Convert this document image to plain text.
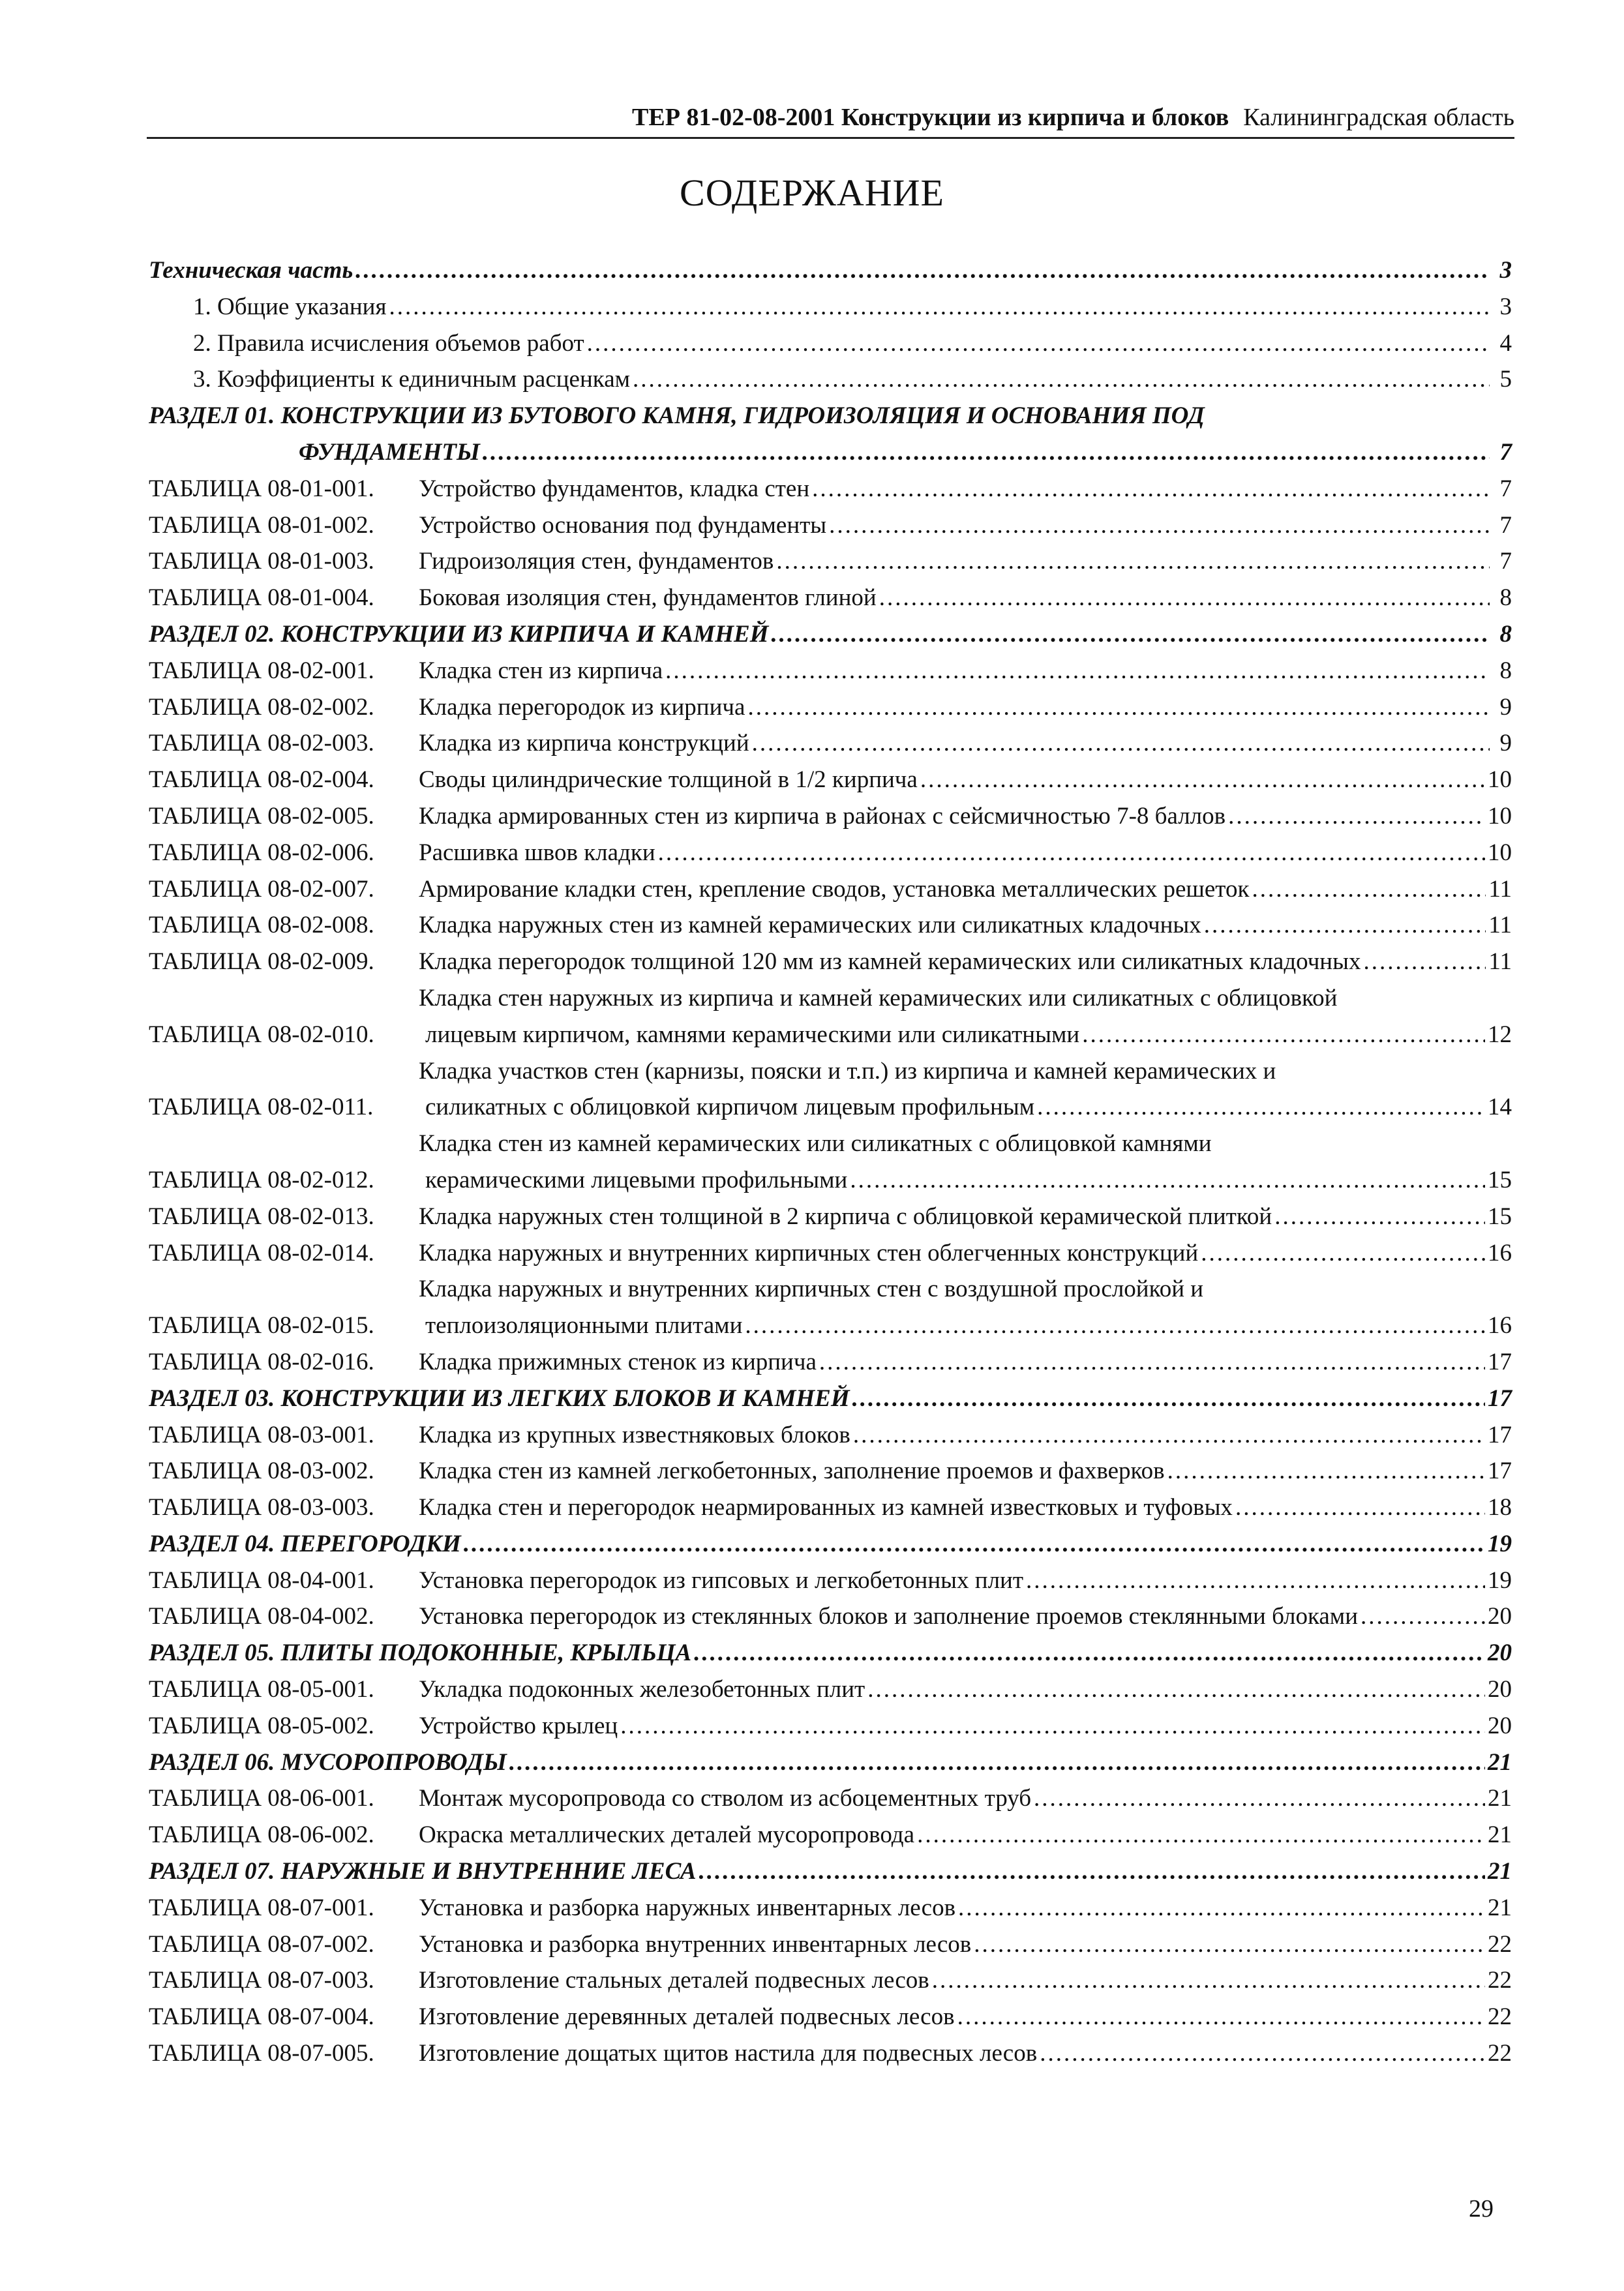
ТЕР 81-02-08-2001 Конструкции из кирпича и блоков Калининградская область
СОДЕРЖАНИЕ
Техническая часть .....	3
1. Общие указания .....	3
2. Правила исчисления объемов работ .....	4
3. Коэффициенты к единичным расценкам .....	5
РАЗДЕЛ 01. КОНСТРУКЦИИ ИЗ БУТОВОГО КАМНЯ, ГИДРОИЗОЛЯЦИЯ И ОСНОВАНИЯ ПОД
ФУНДАМЕНТЫ .....	7
ТАБЛИЦА 08-01-001.	Устройство фундаментов, кладка стен .....	7
ТАБЛИЦА 08-01-002.	Устройство основания под фундаменты .....	7
ТАБЛИЦА 08-01-003.	Гидроизоляция стен, фундаментов .....	7
ТАБЛИЦА 08-01-004.	Боковая изоляция стен, фундаментов глиной .....	8
РАЗДЕЛ 02. КОНСТРУКЦИИ ИЗ КИРПИЧА И КАМНЕЙ .....	8
ТАБЛИЦА 08-02-001.	Кладка стен из кирпича .....	8
ТАБЛИЦА 08-02-002.	Кладка перегородок из кирпича .....	9
ТАБЛИЦА 08-02-003.	Кладка из кирпича конструкций .....	9
ТАБЛИЦА 08-02-004.	Своды цилиндрические толщиной в 1/2 кирпича .....	10
ТАБЛИЦА 08-02-005.	Кладка армированных стен из кирпича в районах с сейсмичностью 7-8 баллов .....	10
ТАБЛИЦА 08-02-006.	Расшивка швов кладки .....	10
ТАБЛИЦА 08-02-007.	Армирование кладки стен, крепление сводов, установка металлических решеток .....	11
ТАБЛИЦА 08-02-008.	Кладка наружных стен из камней керамических или силикатных кладочных .....	11
ТАБЛИЦА 08-02-009.	Кладка перегородок толщиной 120 мм из камней керамических или силикатных кладочных .....	11
ТАБЛИЦА 08-02-010.
Кладка стен наружных из кирпича и камней керамических или силикатных с облицовкой
лицевым кирпичом, камнями керамическими или силикатными .....	12
ТАБЛИЦА 08-02-011.
Кладка участков стен (карнизы, пояски и т.п.) из кирпича и камней керамических и
силикатных с облицовкой кирпичом лицевым профильным .....	14
ТАБЛИЦА 08-02-012.
Кладка стен из камней керамических или силикатных с облицовкой камнями
керамическими лицевыми профильными .....	15
ТАБЛИЦА 08-02-013.	Кладка наружных стен толщиной в 2 кирпича с облицовкой керамической плиткой .....	15
ТАБЛИЦА 08-02-014.	Кладка наружных и внутренних кирпичных стен облегченных конструкций .....	16
ТАБЛИЦА 08-02-015.
Кладка наружных и внутренних кирпичных стен с воздушной прослойкой и
теплоизоляционными плитами .....	16
ТАБЛИЦА 08-02-016.	Кладка прижимных стенок из кирпича .....	17
РАЗДЕЛ 03. КОНСТРУКЦИИ ИЗ ЛЕГКИХ БЛОКОВ И КАМНЕЙ .....	17
ТАБЛИЦА 08-03-001.	Кладка из крупных известняковых блоков .....	17
ТАБЛИЦА 08-03-002.	Кладка стен из камней легкобетонных, заполнение проемов и фахверков .....	17
ТАБЛИЦА 08-03-003.	Кладка стен и перегородок неармированных из камней известковых и туфовых .....	18
РАЗДЕЛ 04. ПЕРЕГОРОДКИ .....	19
ТАБЛИЦА 08-04-001.	Установка перегородок из гипсовых и легкобетонных плит .....	19
ТАБЛИЦА 08-04-002.	Установка перегородок из стеклянных блоков и заполнение проемов стеклянными блоками .....	20
РАЗДЕЛ 05. ПЛИТЫ ПОДОКОННЫЕ, КРЫЛЬЦА .....	20
ТАБЛИЦА 08-05-001.	Укладка подоконных железобетонных плит .....	20
ТАБЛИЦА 08-05-002.	Устройство крылец .....	20
РАЗДЕЛ 06. МУСОРОПРОВОДЫ .....	21
ТАБЛИЦА 08-06-001.	Монтаж мусоропровода со стволом из асбоцементных труб .....	21
ТАБЛИЦА 08-06-002.	Окраска металлических деталей мусоропровода .....	21
РАЗДЕЛ 07. НАРУЖНЫЕ И ВНУТРЕННИЕ ЛЕСА .....	21
ТАБЛИЦА 08-07-001.	Установка и разборка наружных инвентарных лесов .....	21
ТАБЛИЦА 08-07-002.	Установка и разборка внутренних инвентарных лесов .....	22
ТАБЛИЦА 08-07-003.	Изготовление стальных деталей подвесных лесов .....	22
ТАБЛИЦА 08-07-004.	Изготовление деревянных деталей подвесных лесов .....	22
ТАБЛИЦА 08-07-005.	Изготовление дощатых щитов настила для подвесных лесов .....	22
29
